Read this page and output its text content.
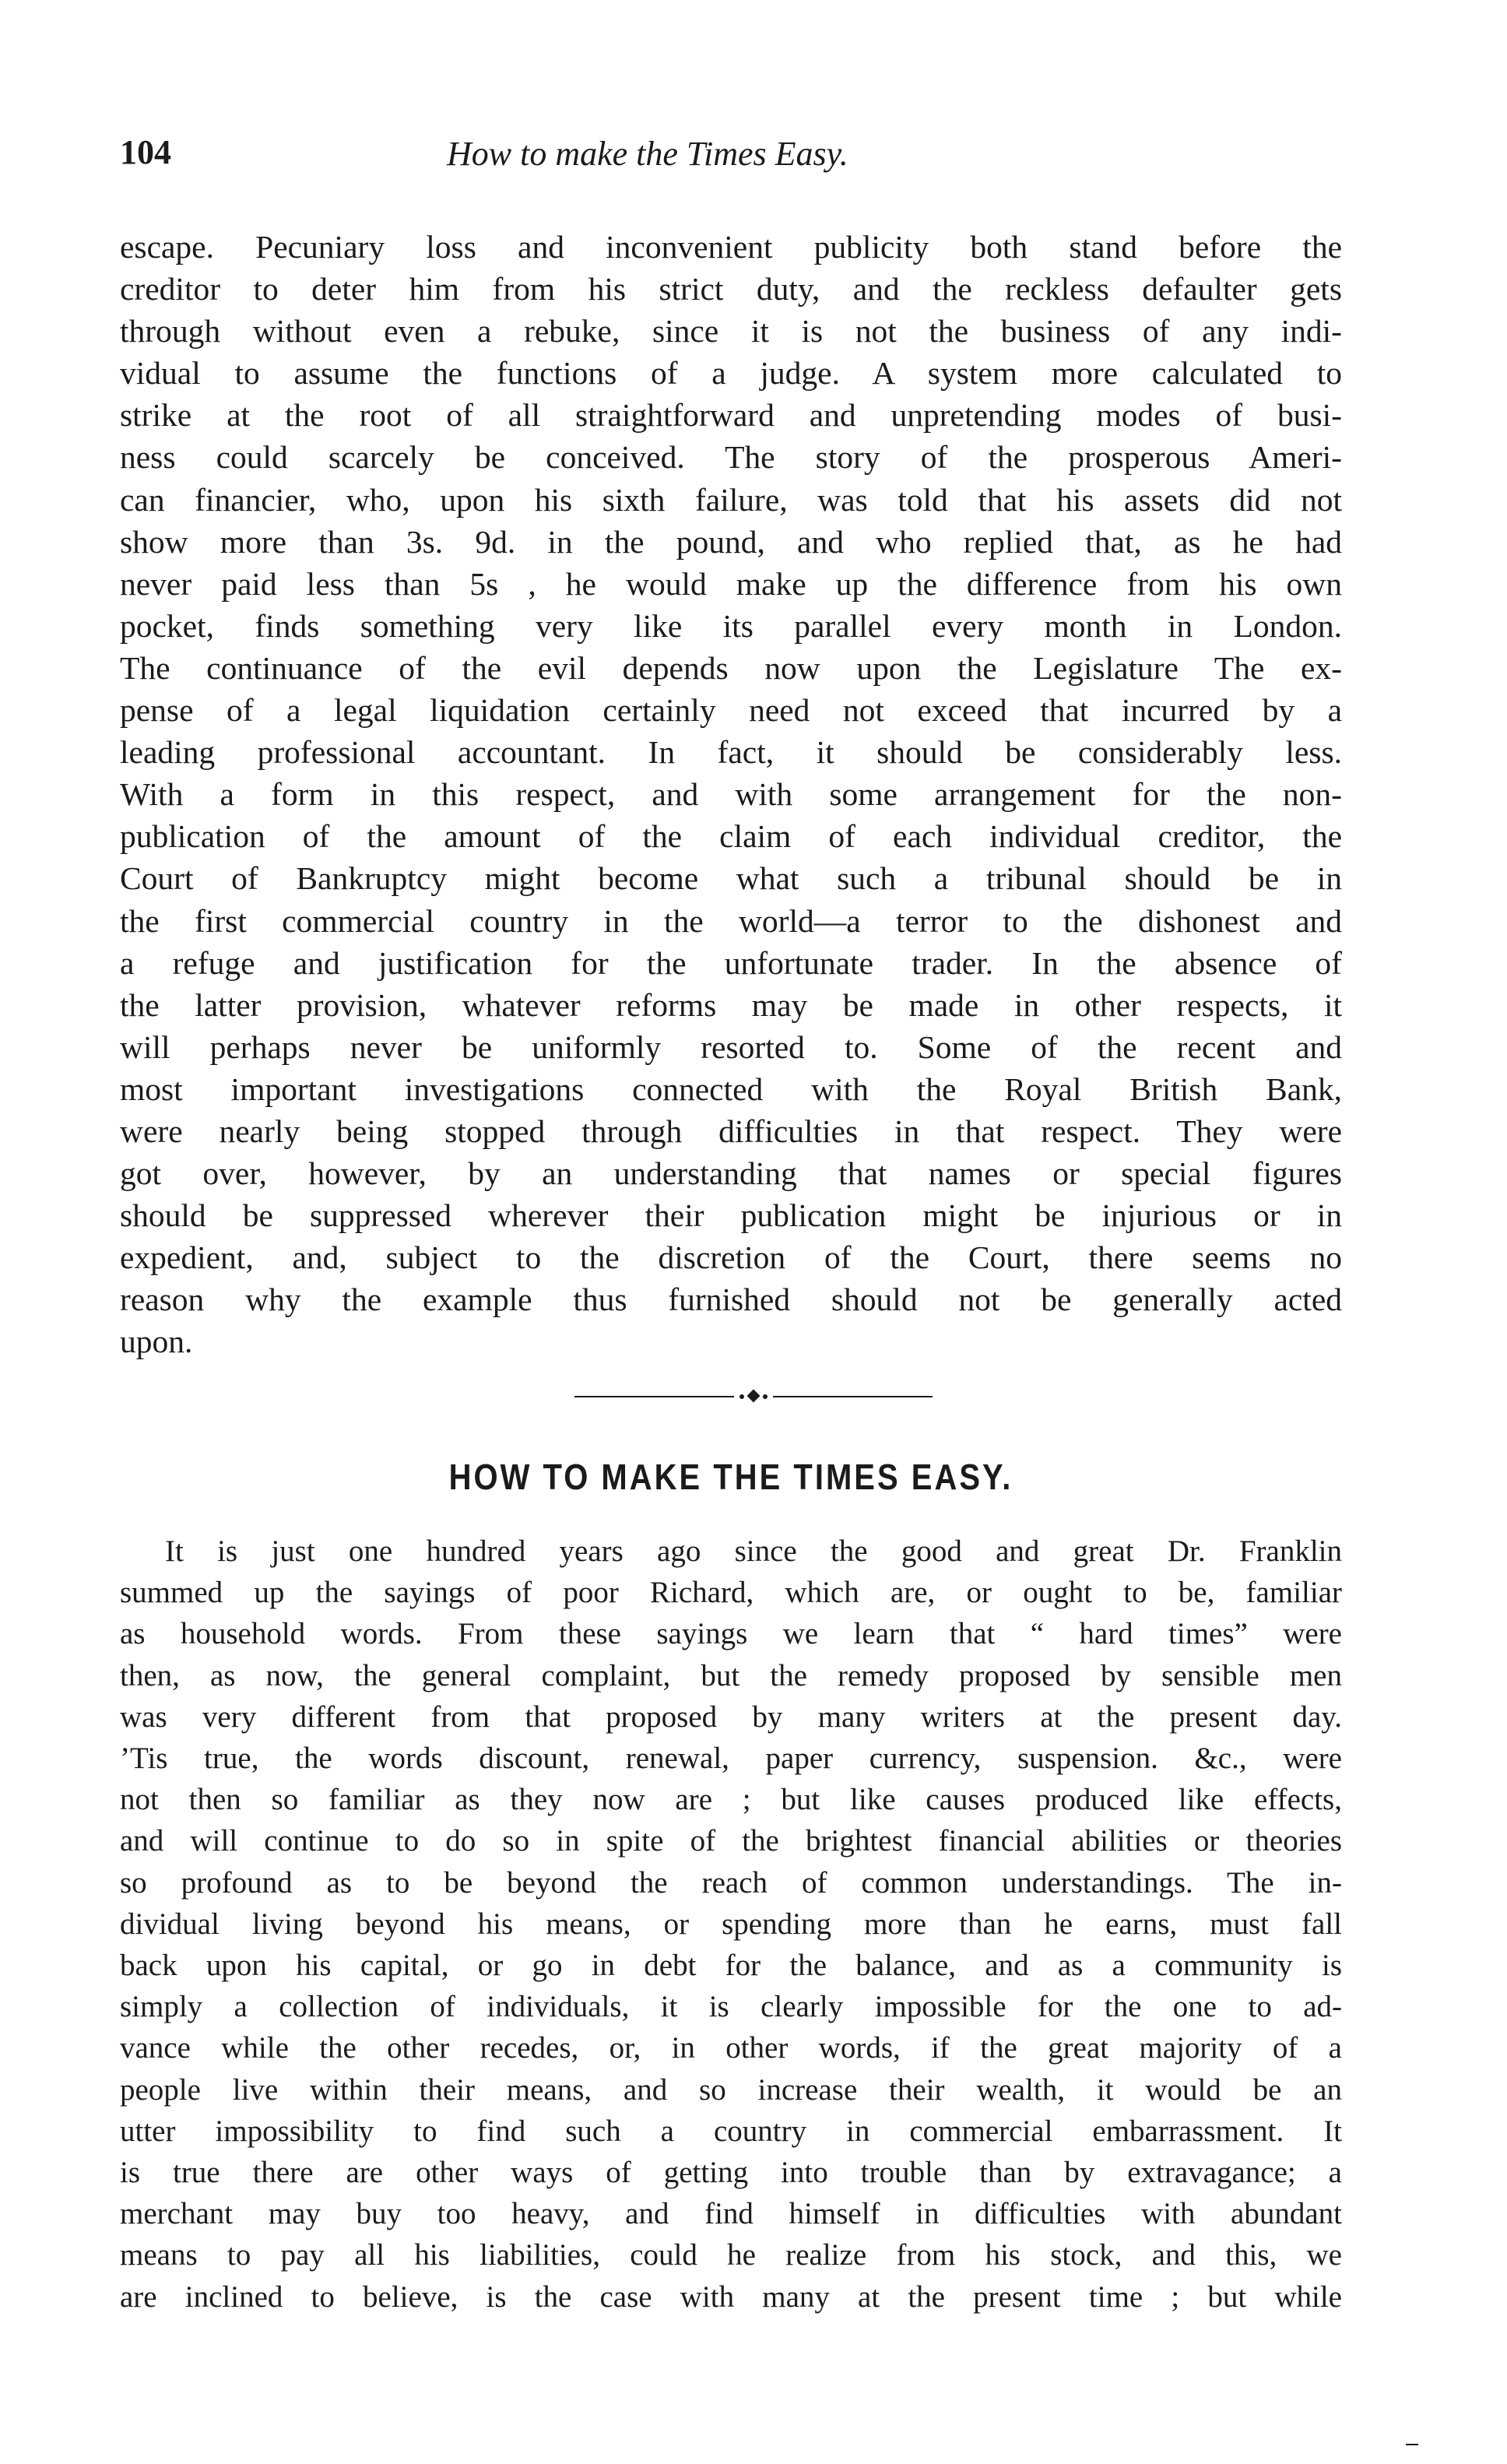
104	How to make the Times Easy.
escape. Pecuniary loss and inconvenient publicity both stand before the
creditor to deter him from his strict duty, and the reckless defaulter gets
through without even a rebuke, since it is not the business of any indi-
vidual to assume the functions of a judge. A system more calculated to
strike at the root of all straightforward and unpretending modes of busi-
ness could scarcely be conceived. The story of the prosperous Ameri-
can financier, who, upon his sixth failure, was told that his assets did not
show more than 3s. 9d. in the pound, and who replied that, as he had
never paid less than 5s , he would make up the difference from his own
pocket, finds something very like its parallel every month in London.
The continuance of the evil depends now upon the Legislature The ex-
pense of a legal liquidation certainly need not exceed that incurred by a
leading professional accountant. In fact, it should be considerably less.
With a form in this respect, and with some arrangement for the non-
publication of the amount of the claim of each individual creditor, the
Court of Bankruptcy might become what such a tribunal should be in
the first commercial country in the world—a terror to the dishonest and
a refuge and justification for the unfortunate trader. In the absence of
the latter provision, whatever reforms may be made in other respects, it
will perhaps never be uniformly resorted to. Some of the recent and
most important investigations connected with the Royal British Bank,
were nearly being stopped through difficulties in that respect. They were
got over, however, by an understanding that names or special figures
should be suppressed wherever their publication might be injurious or in
expedient, and, subject to the discretion of the Court, there seems no
reason why the example thus furnished should not be generally acted
upon.
HOW TO MAKE THE TIMES EASY.
It is just one hundred years ago since the good and great Dr. Franklin
summed up the sayings of poor Richard, which are, or ought to be, familiar
as household words. From these sayings we learn that “ hard times” were
then, as now, the general complaint, but the remedy proposed by sensible men
was very different from that proposed by many writers at the present day.
’Tis true, the words discount, renewal, paper currency, suspension. &c., were
not then so familiar as they now are ; but like causes produced like effects,
and will continue to do so in spite of the brightest financial abilities or theories
so profound as to be beyond the reach of common understandings. The in-
dividual living beyond his means, or spending more than he earns, must fall
back upon his capital, or go in debt for the balance, and as a community is
simply a collection of individuals, it is clearly impossible for the one to ad-
vance while the other recedes, or, in other words, if the great majority of a
people live within their means, and so increase their wealth, it would be an
utter impossibility to find such a country in commercial embarrassment. It
is true there are other ways of getting into trouble than by extravagance; a
merchant may buy too heavy, and find himself in difficulties with abundant
means to pay all his liabilities, could he realize from his stock, and this, we
are inclined to believe, is the case with many at the present time ; but while
